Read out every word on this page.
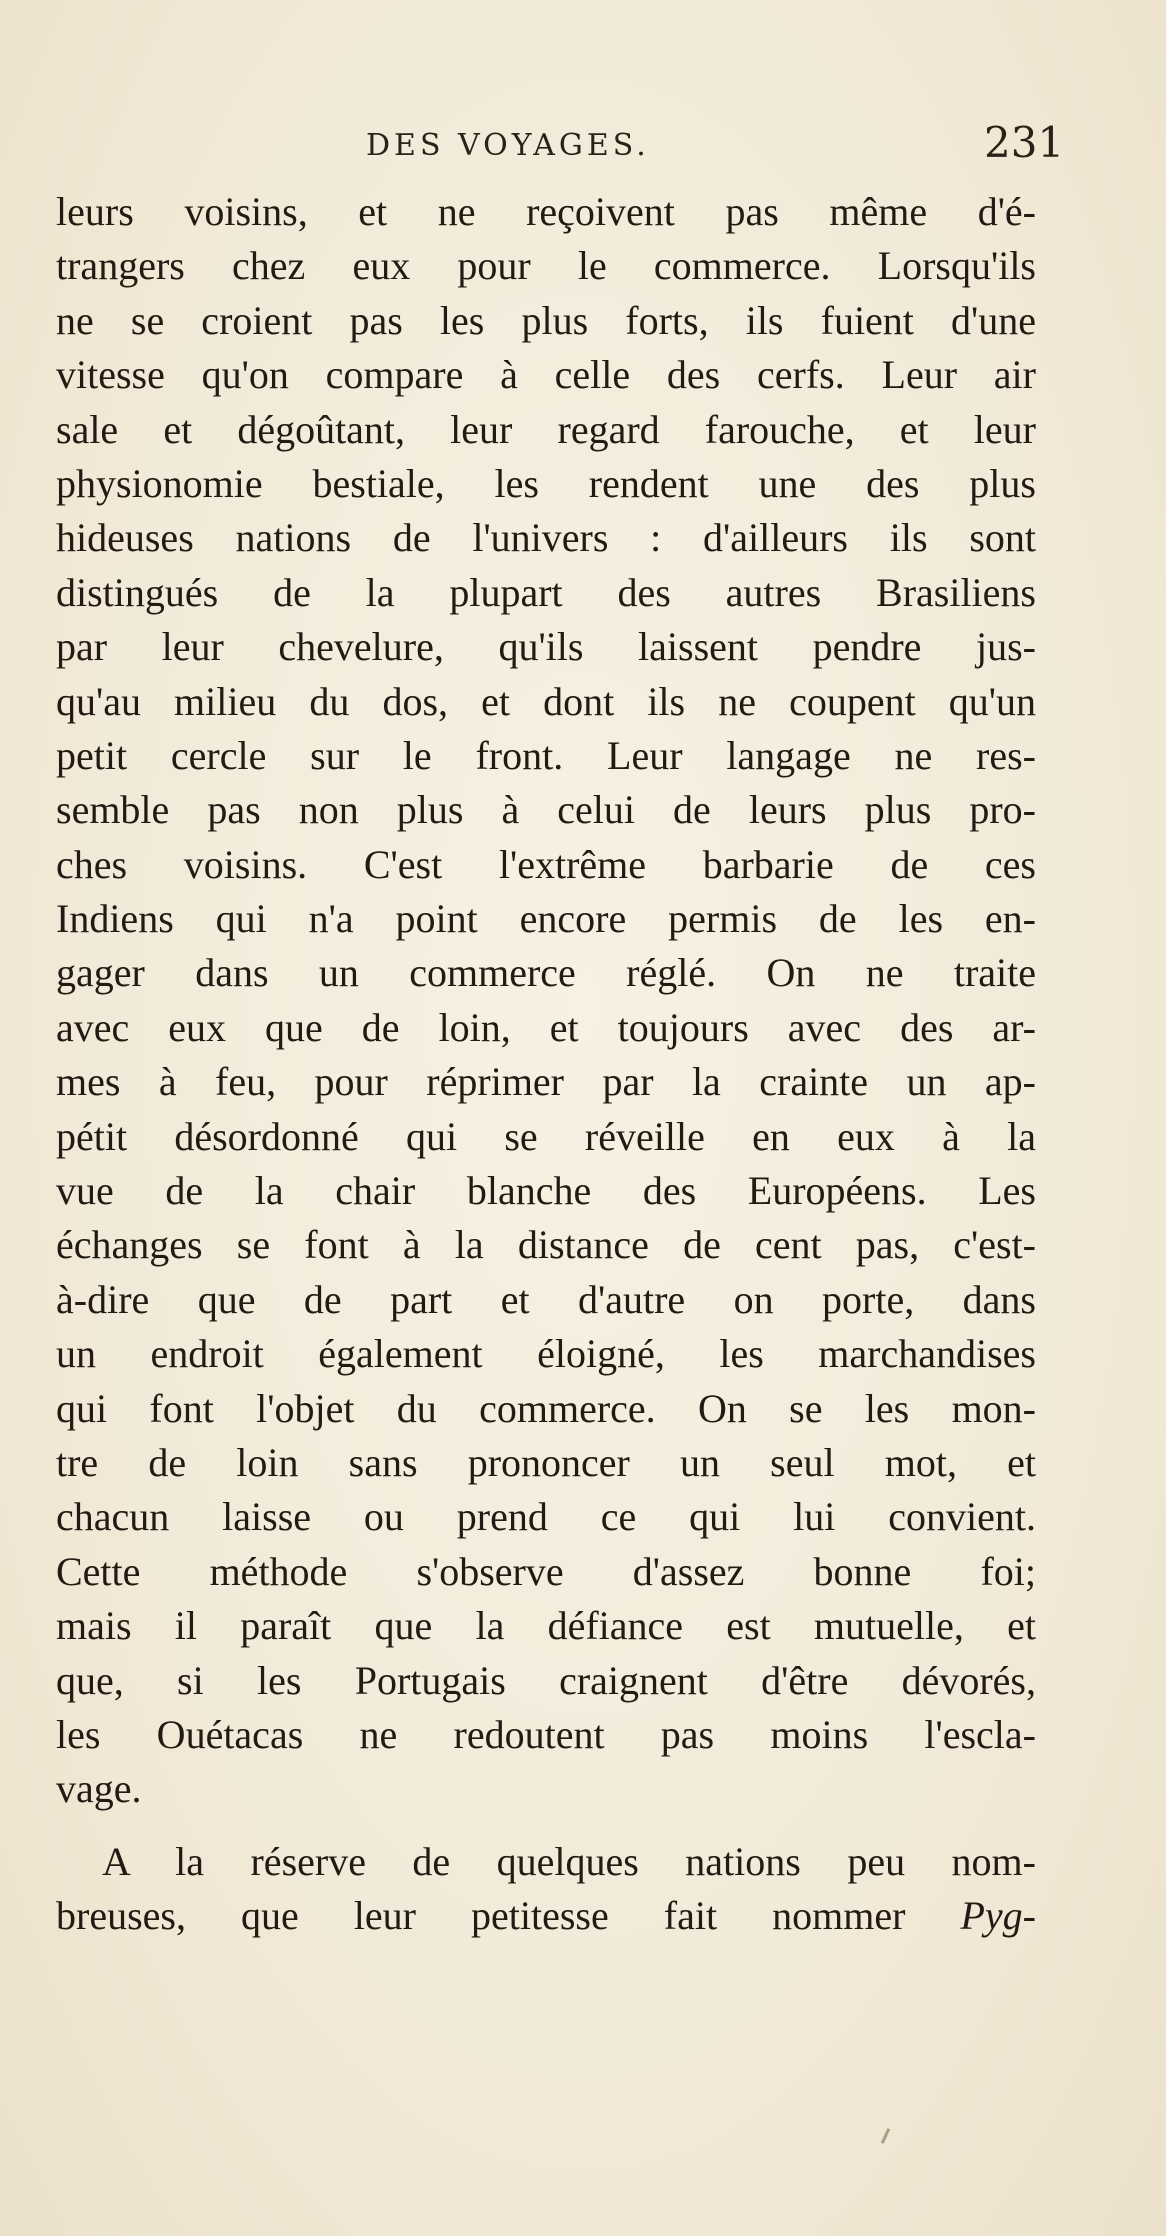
DES VOYAGES.	231
leurs voisins, et ne reçoivent pas même d'é-
trangers chez eux pour le commerce. Lorsqu'ils
ne se croient pas les plus forts, ils fuient d'une
vitesse qu'on compare à celle des cerfs. Leur air
sale et dégoûtant, leur regard farouche, et leur
physionomie bestiale, les rendent une des plus
hideuses nations de l'univers : d'ailleurs ils sont
distingués de la plupart des autres Brasiliens
par leur chevelure, qu'ils laissent pendre jus-
qu'au milieu du dos, et dont ils ne coupent qu'un
petit cercle sur le front. Leur langage ne res-
semble pas non plus à celui de leurs plus pro-
ches voisins. C'est l'extrême barbarie de ces
Indiens qui n'a point encore permis de les en-
gager dans un commerce réglé. On ne traite
avec eux que de loin, et toujours avec des ar-
mes à feu, pour réprimer par la crainte un ap-
pétit désordonné qui se réveille en eux à la
vue de la chair blanche des Européens. Les
échanges se font à la distance de cent pas, c'est-
à-dire que de part et d'autre on porte, dans
un endroit également éloigné, les marchandises
qui font l'objet du commerce. On se les mon-
tre de loin sans prononcer un seul mot, et
chacun laisse ou prend ce qui lui convient.
Cette méthode s'observe d'assez bonne foi;
mais il paraît que la défiance est mutuelle, et
que, si les Portugais craignent d'être dévorés,
les Ouétacas ne redoutent pas moins l'escla-
vage.
A la réserve de quelques nations peu nom-
breuses, que leur petitesse fait nommer Pyg-
